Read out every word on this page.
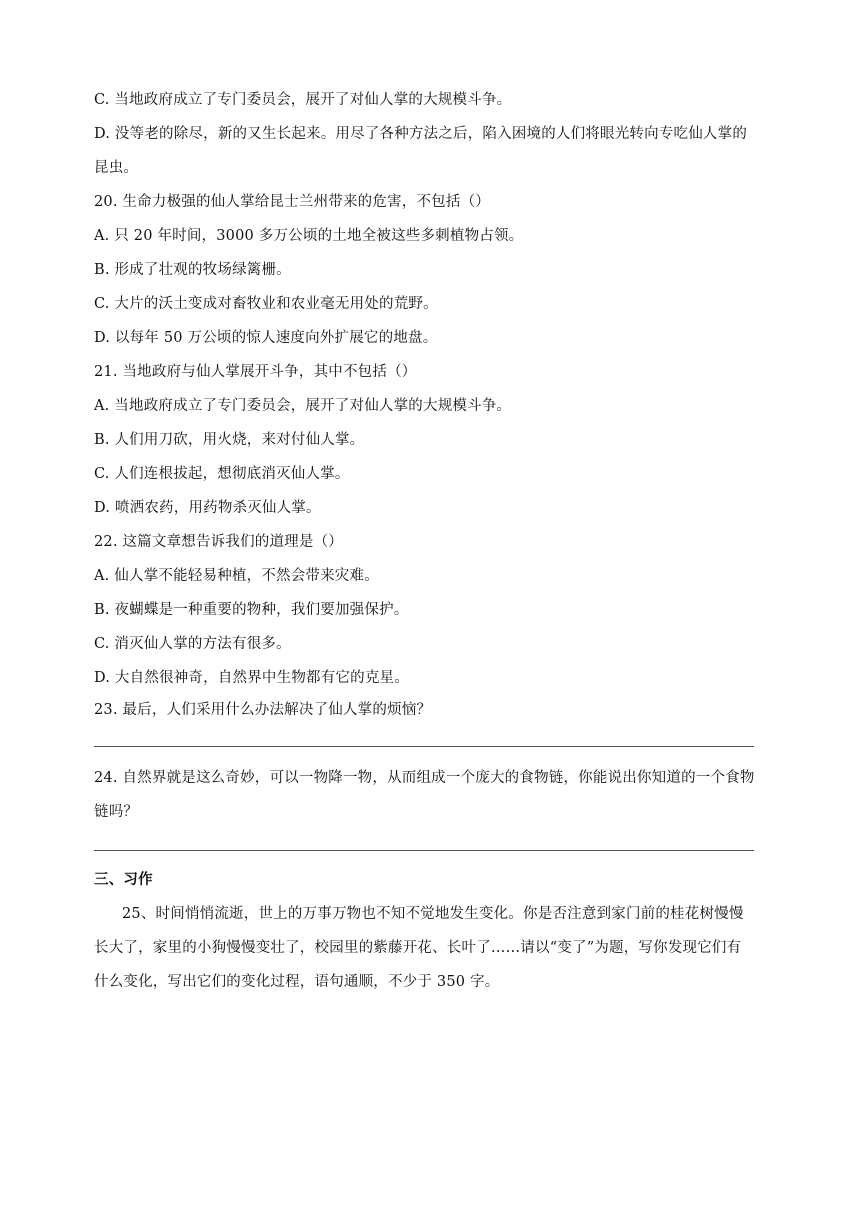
C. 当地政府成立了专门委员会，展开了对仙人掌的大规模斗争。
D. 没等老的除尽，新的又生长起来。用尽了各种方法之后，陷入困境的人们将眼光转向专吃仙人掌的
昆虫。
20. 生命力极强的仙人掌给昆士兰州带来的危害，不包括（）
A. 只 20 年时间，3000 多万公顷的土地全被这些多刺植物占领。
B. 形成了壮观的牧场绿篱栅。
C. 大片的沃土变成对畜牧业和农业毫无用处的荒野。
D. 以每年 50 万公顷的惊人速度向外扩展它的地盘。
21. 当地政府与仙人掌展开斗争，其中不包括（）
A. 当地政府成立了专门委员会，展开了对仙人掌的大规模斗争。
B. 人们用刀砍，用火烧，来对付仙人掌。
C. 人们连根拔起，想彻底消灭仙人掌。
D. 喷洒农药，用药物杀灭仙人掌。
22. 这篇文章想告诉我们的道理是（）
A. 仙人掌不能轻易种植，不然会带来灾难。
B. 夜蝴蝶是一种重要的物种，我们要加强保护。
C. 消灭仙人掌的方法有很多。
D. 大自然很神奇，自然界中生物都有它的克星。
23. 最后，人们采用什么办法解决了仙人掌的烦恼？
24. 自然界就是这么奇妙，可以一物降一物，从而组成一个庞大的食物链，你能说出你知道的一个食物
链吗？
三、习作
25、时间悄悄流逝，世上的万事万物也不知不觉地发生变化。你是否注意到家门前的桂花树慢慢
长大了，家里的小狗慢慢变壮了，校园里的紫藤开花、长叶了……请以“变了”为题，写你发现它们有
什么变化，写出它们的变化过程，语句通顺，不少于 350 字。
